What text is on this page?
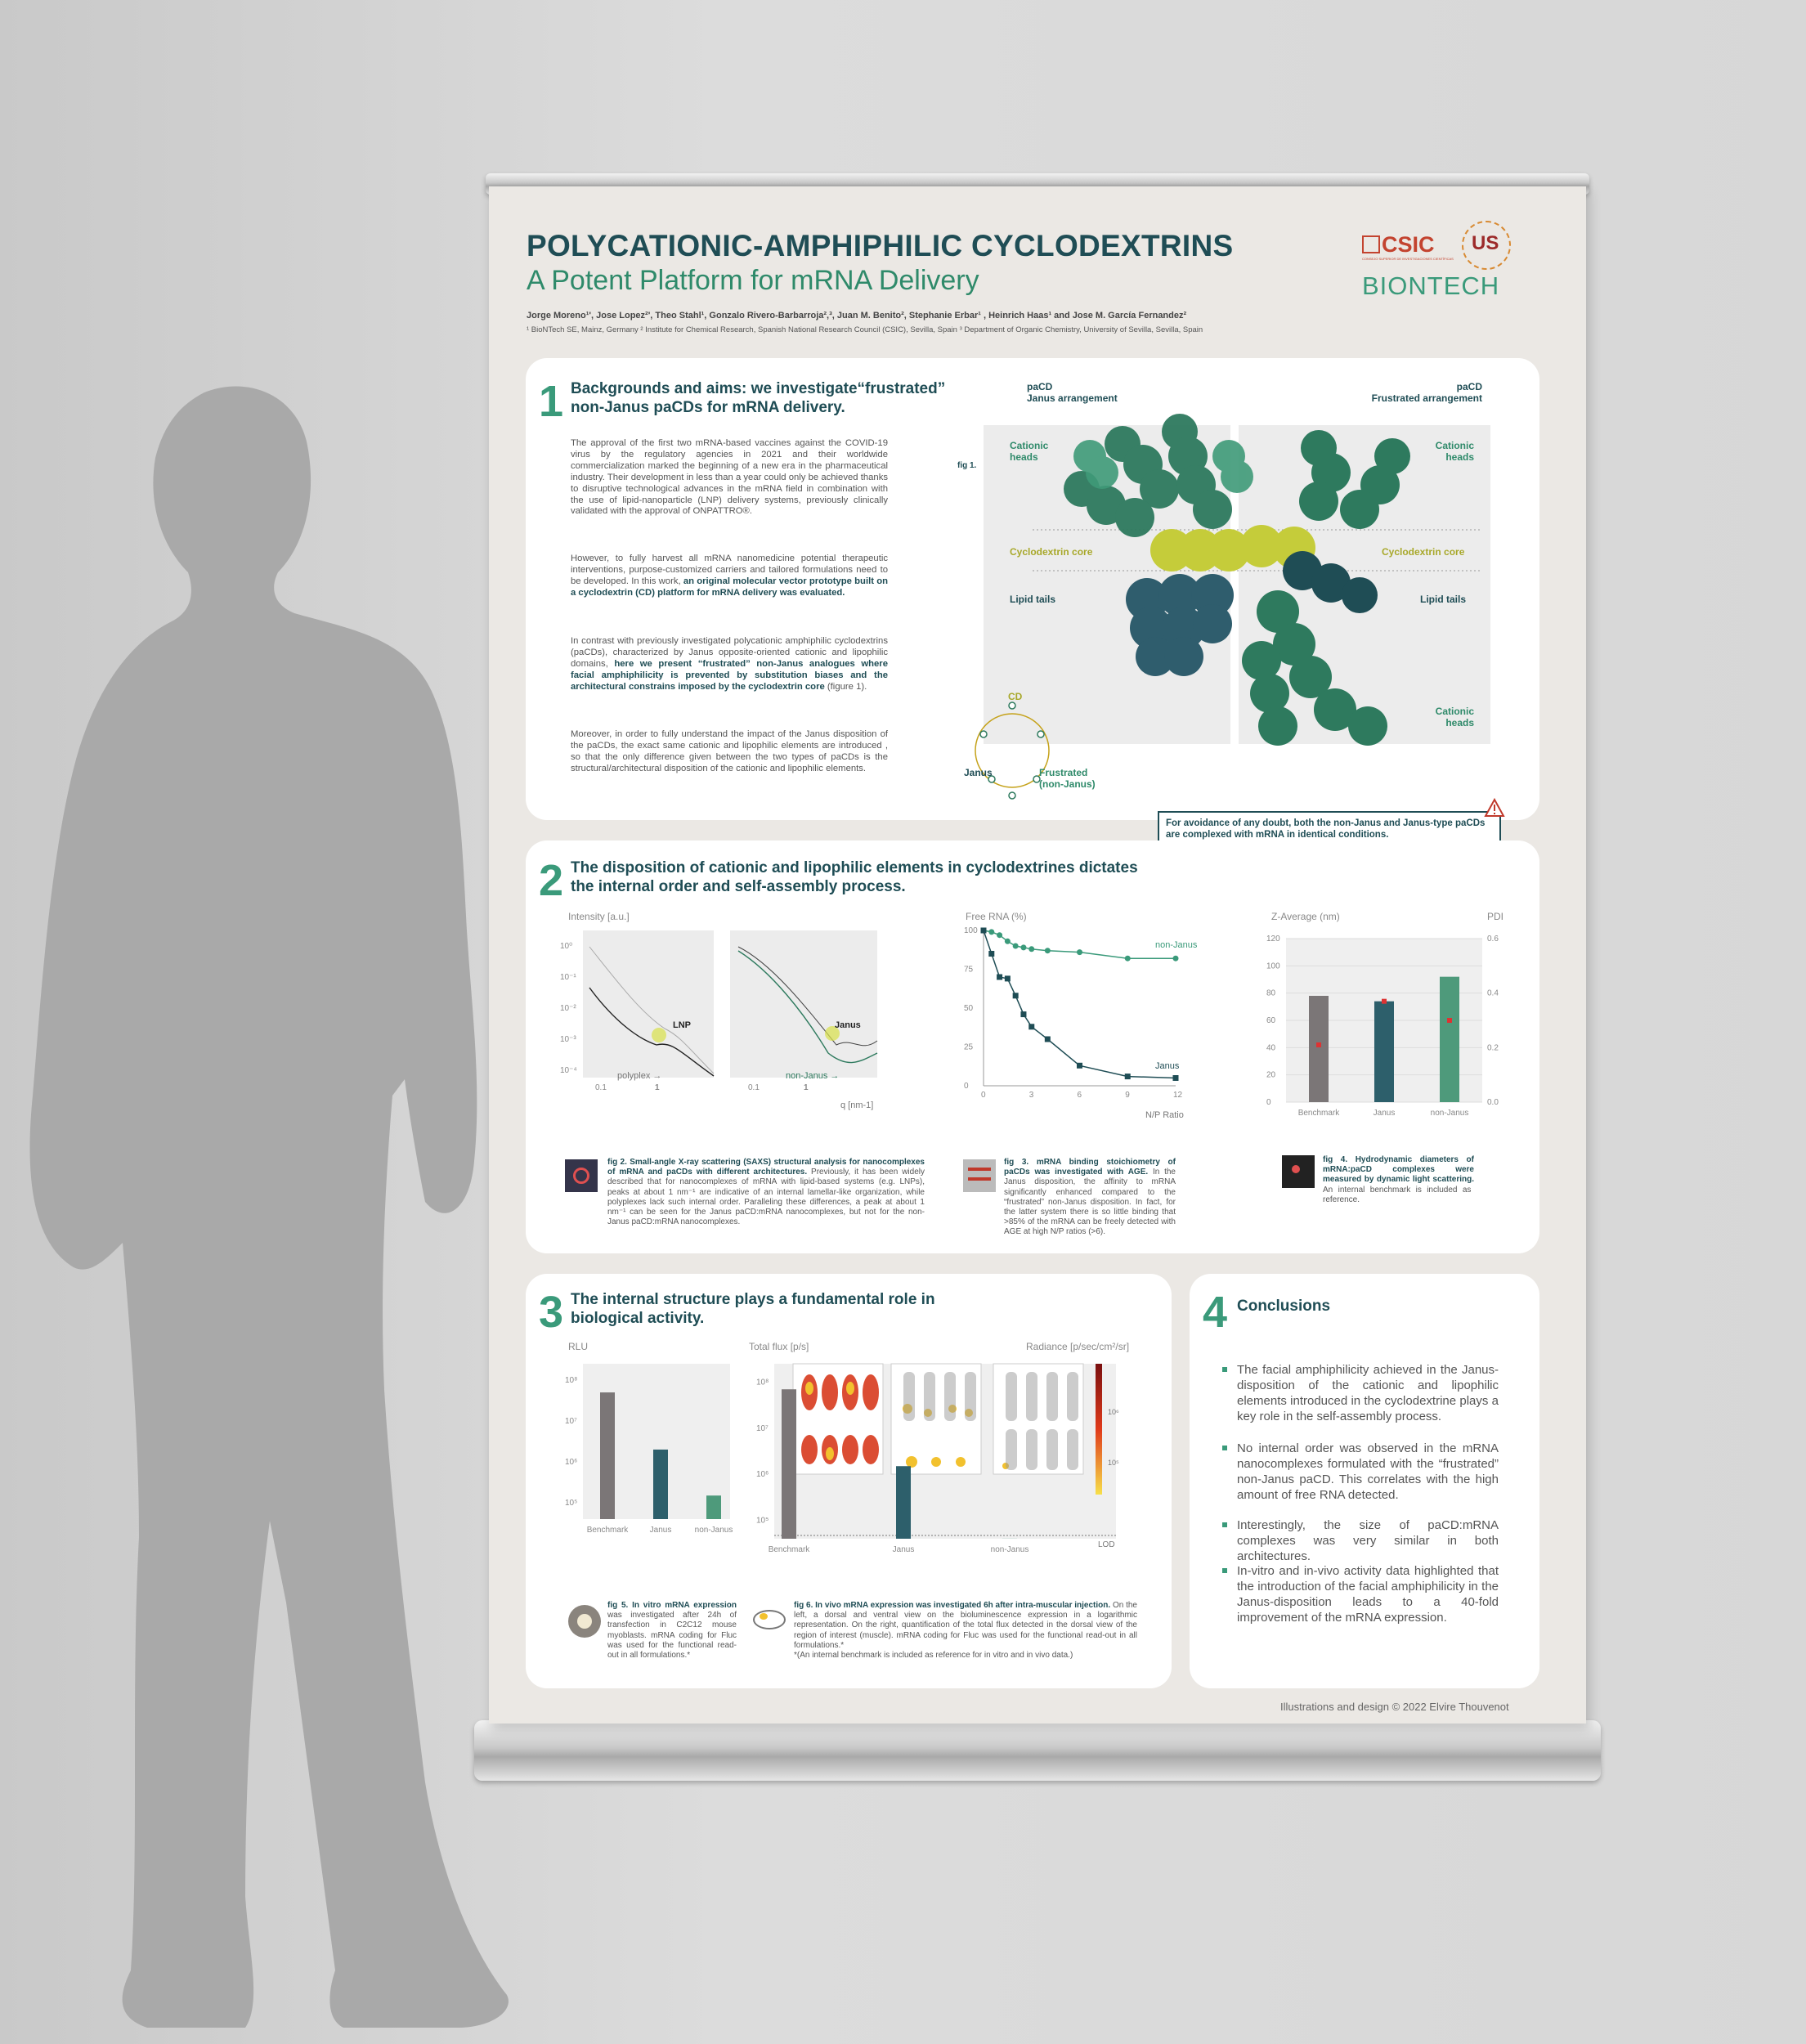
POLYCATIONIC-AMPHIPHILIC CYCLODEXTRINS
A Potent Platform for mRNA Delivery
Jorge Moreno¹', Jose Lopez²', Theo Stahl¹, Gonzalo Rivero-Barbarroja²,³, Juan M. Benito², Stephanie Erbar¹ , Heinrich Haas¹ and Jose M. García Fernandez²
¹ BioNTech SE, Mainz, Germany ² Institute for Chemical Research, Spanish National Research Council (CSIC), Sevilla, Spain ³ Department of Organic Chemistry, University of Sevilla, Sevilla, Spain
CSIC
CONSEJO SUPERIOR DE INVESTIGACIONES CIENTÍFICAS
US
BIONTECH
1 Backgrounds and aims: we investigate“frustrated” non-Janus paCDs for mRNA delivery.

The approval of the first two mRNA-based vaccines against the COVID-19 virus by the regulatory agencies in 2021 and their worldwide commercialization marked the beginning of a new era in the pharmaceutical industry. Their development in less than a year could only be achieved thanks to disruptive technological advances in the mRNA field in combination with the use of lipid-nanoparticle (LNP) delivery systems, previously clinically validated with the approval of ONPATTRO®.

However, to fully harvest all mRNA nanomedicine potential therapeutic interventions, purpose-customized carriers and tailored formulations need to be developed. In this work, an original molecular vector prototype built on a cyclodextrin (CD) platform for mRNA delivery was evaluated.

In contrast with previously investigated polycationic amphiphilic cyclodextrins (paCDs), characterized by Janus opposite-oriented cationic and lipophilic domains, here we present “frustrated” non-Janus analogues where facial amphiphilicity is prevented by substitution biases and the architectural constrains imposed by the cyclodextrin core (figure 1).

Moreover, in order to fully understand the impact of the Janus disposition of the paCDs, the exact same cationic and lipophilic elements are introduced , so that the only difference given between the two types of paCDs is the structural/architectural disposition of the cationic and lipophilic elements.

fig 1.
paCD
Janus arrangement
paCD
Frustrated arrangement
Cationic
heads
Cationic
heads
Cationic
heads
Cyclodextrin core	Cyclodextrin core
Lipid tails	Lipid tails
CD
Janus	Frustrated
(non-Janus)
For avoidance of any doubt, both the non-Janus and Janus-type paCDs are complexed with mRNA in identical conditions.
2 The disposition of cationic and lipophilic elements in cyclodextrines dictates the internal order and self-assembly process.
Intensity [a.u.]
10⁰
10⁻¹
10⁻²
10⁻³
10⁻⁴
0.1	1	0.1	1
LNP
polyplex →
Janus
non-Janus →
q [nm-1]

fig 2. Small-angle X-ray scattering (SAXS) structural analysis for nanocomplexes of mRNA and paCDs with different architectures. Previously, it has been widely described that for nanocomplexes of mRNA with lipid-based systems (e.g. LNPs), peaks at about 1 nm⁻¹ are indicative of an internal lamellar-like organization, while polyplexes lack such internal order. Paralleling these differences, a peak at about 1 nm⁻¹ can be seen for the Janus paCD:mRNA nanocomplexes, but not for the non-Janus paCD:mRNA nanocomplexes.

Free RNA (%)
0
25
50
75
100
0	3	6	9	12
N/P Ratio
non-Janus
Janus

fig 3. mRNA binding stoichiometry of paCDs was investigated with AGE. In the Janus disposition, the affinity to mRNA significantly enhanced compared to the “frustrated” non-Janus disposition. In fact, for the latter system there is so little binding that >85% of the mRNA can be freely detected with AGE at high N/P ratios (>6).

Z-Average (nm)	PDI
0
20
40
60
80
100
120
0.0
0.2
0.4
0.6
Benchmark	Janus	non-Janus

fig 4. Hydrodynamic diameters of mRNA:paCD complexes were measured by dynamic light scattering. An internal benchmark is included as reference.

3 The internal structure plays a fundamental role in biological activity.
RLU
10⁸
10⁷
10⁶
10⁵
Benchmark	Janus	non-Janus

fig 5. In vitro mRNA expression was investigated after 24h of transfection in C2C12 mouse myoblasts. mRNA coding for Fluc was used for the functional read-out in all formulations.*

Total flux [p/s]	Radiance [p/sec/cm²/sr]
10⁸
10⁷
10⁶
10⁵
Benchmark	Janus	non-Janus
10⁶
10⁵
LOD

fig 6. In vivo mRNA expression was investigated 6h after intra-muscular injection. On the left, a dorsal and ventral view on the bioluminescence expression in a logarithmic representation. On the right, quantification of the total flux detected in the dorsal view of the region of interest (muscle). mRNA coding for Fluc was used for the functional read-out in all formulations.*
*(An internal benchmark is included as reference for in vitro and in vivo data.)

4 Conclusions

The facial amphiphilicity achieved in the Janus-disposition of the cationic and lipophilic elements introduced in the cyclodextrine plays a key role in the self-assembly process.

No internal order was observed in the mRNA nanocomplexes formulated with the “frustrated” non-Janus paCD. This correlates with the high amount of free RNA detected.

Interestingly, the size of paCD:mRNA complexes was very similar in both architectures.

In-vitro and in-vivo activity data highlighted that the introduction of the facial amphiphilicity in the Janus-disposition leads to a 40-fold improvement of the mRNA expression.

Illustrations and design © 2022 Elvire Thouvenot
